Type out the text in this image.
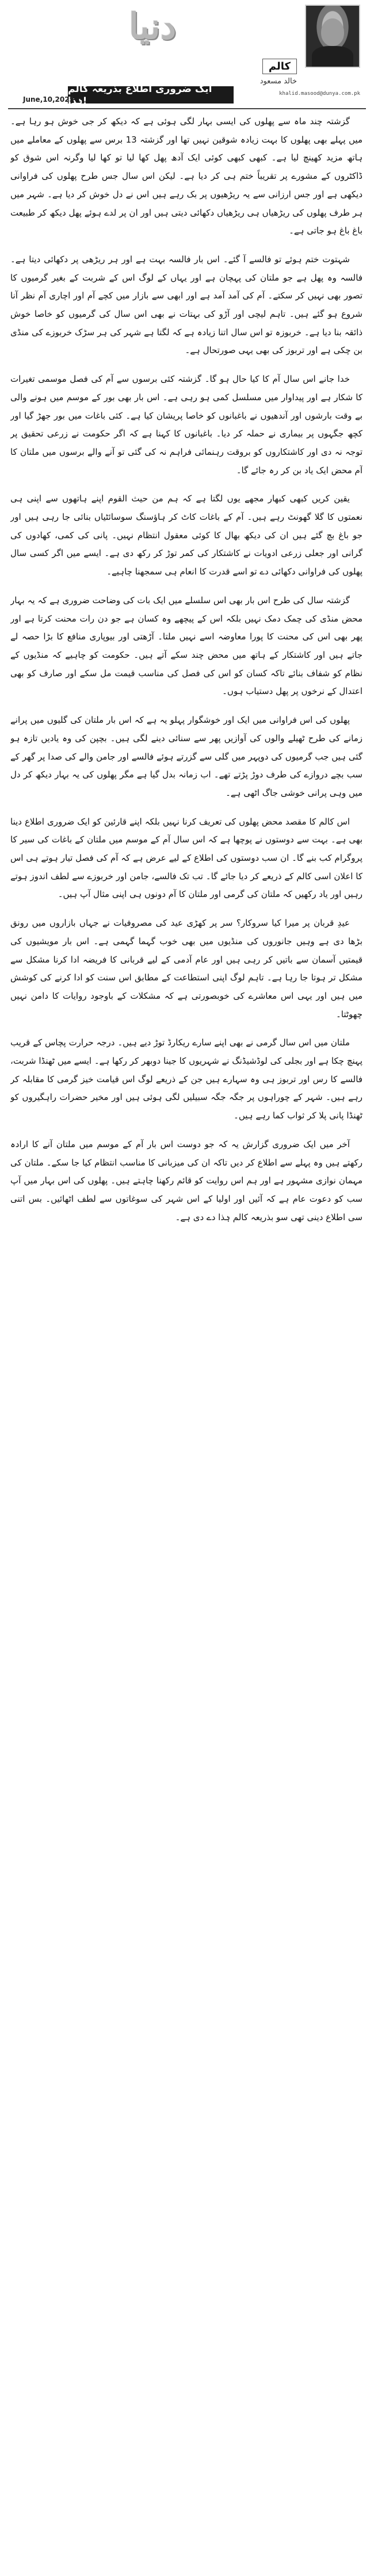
دنیا
کالم
خالد مسعود
khalid.masood@dunya.com.pk
ایک ضروری اطلاع بذریعہ کالم ہٰذا!
June,10,2025

گزشتہ چند ماہ سے پھلوں کی ایسی بہار لگی ہوئی ہے کہ دیکھ کر جی خوش ہو رہا ہے۔ میں پہلے بھی پھلوں کا بہت زیادہ شوقین نہیں تھا اور گزشتہ 13 برس سے پھلوں کے معاملے میں ہاتھ مزید کھینچ لیا ہے۔ کبھی کبھی کوئی ایک آدھ پھل کھا لیا تو کھا لیا وگرنہ اس شوق کو ڈاکٹروں کے مشورے پر تقریباً ختم ہی کر دیا ہے۔ لیکن اس سال جس طرح پھلوں کی فراوانی دیکھی ہے اور جس ارزانی سے یہ ریڑھیوں پر بک رہے ہیں اس نے دل خوش کر دیا ہے۔ شہر میں ہر طرف پھلوں کی ریڑھیاں ہی ریڑھیاں دکھائی دیتی ہیں اور ان پر لدے ہوئے پھل دیکھ کر طبیعت باغ باغ ہو جاتی ہے۔

شہتوت ختم ہوئے تو فالسے آ گئے۔ اس بار فالسہ بہت ہے اور ہر ریڑھی پر دکھائی دیتا ہے۔ فالسہ وہ پھل ہے جو ملتان کی پہچان ہے اور یہاں کے لوگ اس کے شربت کے بغیر گرمیوں کا تصور بھی نہیں کر سکتے۔ آم کی آمد آمد ہے اور ابھی سے بازار میں کچے آم اور اچاری آم نظر آنا شروع ہو گئے ہیں۔ تاہم لیچی اور آڑو کی بہتات نے بھی اس سال کی گرمیوں کو خاصا خوش ذائقہ بنا دیا ہے۔ خربوزہ تو اس سال اتنا زیادہ ہے کہ لگتا ہے شہر کی ہر سڑک خربوزے کی منڈی بن چکی ہے اور تربوز کی بھی یہی صورتحال ہے۔

خدا جانے اس سال آم کا کیا حال ہو گا۔ گزشتہ کئی برسوں سے آم کی فصل موسمی تغیرات کا شکار ہے اور پیداوار میں مسلسل کمی ہو رہی ہے۔ اس بار بھی بور کے موسم میں ہونے والی بے وقت بارشوں اور آندھیوں نے باغبانوں کو خاصا پریشان کیا ہے۔ کئی باغات میں بور جھڑ گیا اور کچھ جگہوں پر بیماری نے حملہ کر دیا۔ باغبانوں کا کہنا ہے کہ اگر حکومت نے زرعی تحقیق پر توجہ نہ دی اور کاشتکاروں کو بروقت رہنمائی فراہم نہ کی گئی تو آنے والے برسوں میں ملتان کا آم محض ایک یاد بن کر رہ جائے گا۔

یقین کریں کبھی کبھار مجھے یوں لگتا ہے کہ ہم من حیث القوم اپنے ہاتھوں سے اپنی ہی نعمتوں کا گلا گھونٹ رہے ہیں۔ آم کے باغات کاٹ کر ہاؤسنگ سوسائٹیاں بنائی جا رہی ہیں اور جو باغ بچ گئے ہیں ان کی دیکھ بھال کا کوئی معقول انتظام نہیں۔ پانی کی کمی، کھادوں کی گرانی اور جعلی زرعی ادویات نے کاشتکار کی کمر توڑ کر رکھ دی ہے۔ ایسے میں اگر کسی سال پھلوں کی فراوانی دکھائی دے تو اسے قدرت کا انعام ہی سمجھنا چاہیے۔

گزشتہ سال کی طرح اس بار بھی اس سلسلے میں ایک بات کی وضاحت ضروری ہے کہ یہ بہار محض منڈی کی چمک دمک نہیں بلکہ اس کے پیچھے وہ کسان ہے جو دن رات محنت کرتا ہے اور پھر بھی اس کی محنت کا پورا معاوضہ اسے نہیں ملتا۔ آڑھتی اور بیوپاری منافع کا بڑا حصہ لے جاتے ہیں اور کاشتکار کے ہاتھ میں محض چند سکے آتے ہیں۔ حکومت کو چاہیے کہ منڈیوں کے نظام کو شفاف بنائے تاکہ کسان کو اس کی فصل کی مناسب قیمت مل سکے اور صارف کو بھی اعتدال کے نرخوں پر پھل دستیاب ہوں۔

پھلوں کی اس فراوانی میں ایک اور خوشگوار پہلو یہ ہے کہ اس بار ملتان کی گلیوں میں پرانے زمانے کی طرح ٹھیلے والوں کی آوازیں پھر سے سنائی دینے لگی ہیں۔ بچپن کی وہ یادیں تازہ ہو گئی ہیں جب گرمیوں کی دوپہر میں گلی سے گزرتے ہوئے فالسے اور جامن والے کی صدا پر گھر کے سب بچے دروازے کی طرف دوڑ پڑتے تھے۔ اب زمانہ بدل گیا ہے مگر پھلوں کی یہ بہار دیکھ کر دل میں وہی پرانی خوشی جاگ اٹھی ہے۔

اس کالم کا مقصد محض پھلوں کی تعریف کرنا نہیں بلکہ اپنے قارئین کو ایک ضروری اطلاع دینا بھی ہے۔ بہت سے دوستوں نے پوچھا ہے کہ اس سال آم کے موسم میں ملتان کے باغات کی سیر کا پروگرام کب بنے گا۔ ان سب دوستوں کی اطلاع کے لیے عرض ہے کہ آم کی فصل تیار ہوتے ہی اس کا اعلان اسی کالم کے ذریعے کر دیا جائے گا۔ تب تک فالسے، جامن اور خربوزے سے لطف اندوز ہوتے رہیں اور یاد رکھیں کہ ملتان کی گرمی اور ملتان کا آم دونوں ہی اپنی مثال آپ ہیں۔

عیدِ قربان پر میرا کیا سروکار؟ سر پر کھڑی عید کی مصروفیات نے جہاں بازاروں میں رونق بڑھا دی ہے وہیں جانوروں کی منڈیوں میں بھی خوب گہما گہمی ہے۔ اس بار مویشیوں کی قیمتیں آسمان سے باتیں کر رہی ہیں اور عام آدمی کے لیے قربانی کا فریضہ ادا کرنا مشکل سے مشکل تر ہوتا جا رہا ہے۔ تاہم لوگ اپنی استطاعت کے مطابق اس سنت کو ادا کرنے کی کوشش میں ہیں اور یہی اس معاشرے کی خوبصورتی ہے کہ مشکلات کے باوجود روایات کا دامن نہیں چھوٹتا۔

ملتان میں اس سال گرمی نے بھی اپنے سارے ریکارڈ توڑ دیے ہیں۔ درجہ حرارت پچاس کے قریب پہنچ چکا ہے اور بجلی کی لوڈشیڈنگ نے شہریوں کا جینا دوبھر کر رکھا ہے۔ ایسے میں ٹھنڈا شربت، فالسے کا رس اور تربوز ہی وہ سہارے ہیں جن کے ذریعے لوگ اس قیامت خیز گرمی کا مقابلہ کر رہے ہیں۔ شہر کے چوراہوں پر جگہ جگہ سبیلیں لگی ہوئی ہیں اور مخیر حضرات راہگیروں کو ٹھنڈا پانی پلا کر ثواب کما رہے ہیں۔

آخر میں ایک ضروری گزارش یہ کہ جو دوست اس بار آم کے موسم میں ملتان آنے کا ارادہ رکھتے ہیں وہ پہلے سے اطلاع کر دیں تاکہ ان کی میزبانی کا مناسب انتظام کیا جا سکے۔ ملتان کی مہمان نوازی مشہور ہے اور ہم اس روایت کو قائم رکھنا چاہتے ہیں۔ پھلوں کی اس بہار میں آپ سب کو دعوت عام ہے کہ آئیں اور اولیا کے اس شہر کی سوغاتوں سے لطف اٹھائیں۔ بس اتنی سی اطلاع دینی تھی سو بذریعہ کالم ہٰذا دے دی ہے۔
